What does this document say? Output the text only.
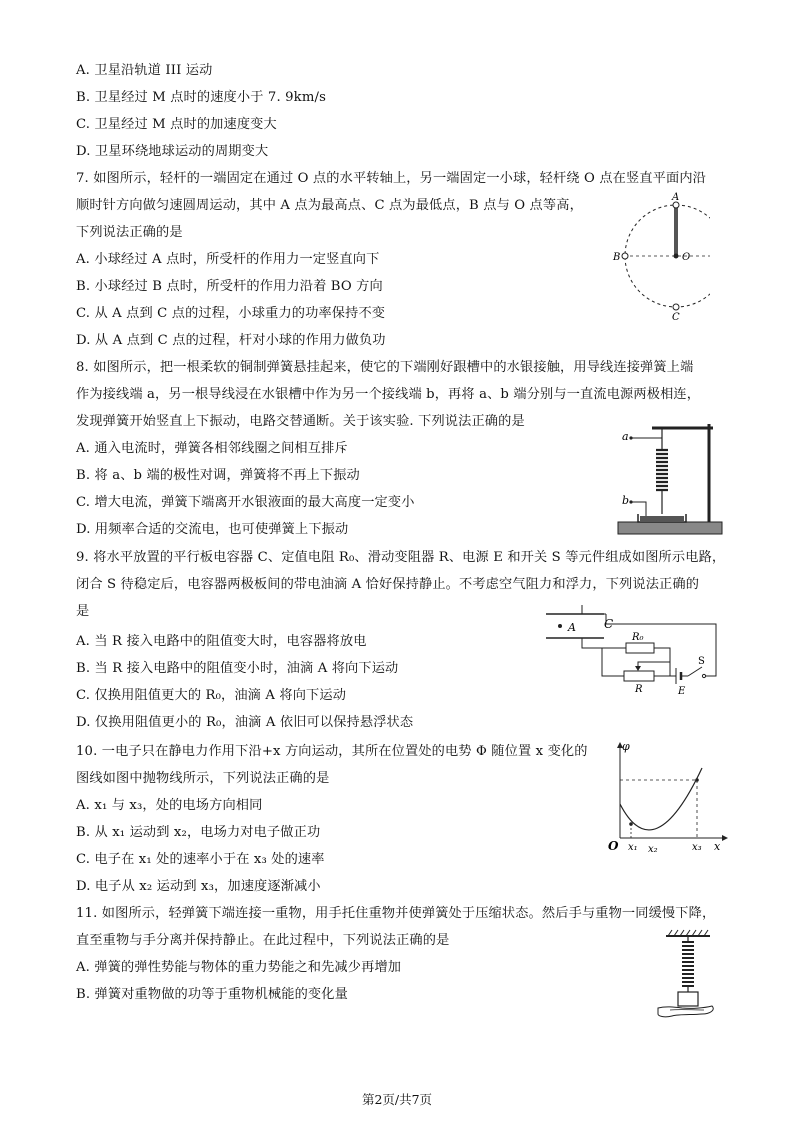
A. 卫星沿轨道 III 运动
B. 卫星经过 M 点时的速度小于 7. 9km/s
C. 卫星经过 M 点时的加速度变大
D. 卫星环绕地球运动的周期变大
7. 如图所示，轻杆的一端固定在通过 O 点的水平转轴上，另一端固定一小球，轻杆绕 O 点在竖直平面内沿
顺时针方向做匀速圆周运动，其中 A 点为最高点、C 点为最低点，B 点与 O 点等高，
下列说法正确的是
A. 小球经过 A 点时，所受杆的作用力一定竖直向下
B. 小球经过 B 点时，所受杆的作用力沿着 BO 方向
C. 从 A 点到 C 点的过程，小球重力的功率保持不变
D. 从 A 点到 C 点的过程，杆对小球的作用力做负功
A
B	O
C
8. 如图所示，把一根柔软的铜制弹簧悬挂起来，使它的下端刚好跟槽中的水银接触，用导线连接弹簧上端
作为接线端 a，另一根导线浸在水银槽中作为另一个接线端 b，再将 a、b 端分别与一直流电源两极相连，
发现弹簧开始竖直上下振动，电路交替通断。关于该实验. 下列说法正确的是
A. 通入电流时，弹簧各相邻线圈之间相互排斥
B. 将 a、b 端的极性对调，弹簧将不再上下振动
C. 增大电流，弹簧下端离开水银液面的最大高度一定变小
D. 用频率合适的交流电，也可使弹簧上下振动
a
b
9. 将水平放置的平行板电容器 C、定值电阻 R₀、滑动变阻器 R、电源 E 和开关 S 等元件组成如图所示电路，
闭合 S 待稳定后，电容器两极板间的带电油滴 A 恰好保持静止。不考虑空气阻力和浮力，下列说法正确的
是
A. 当 R 接入电路中的阻值变大时，电容器将放电
B. 当 R 接入电路中的阻值变小时，油滴 A 将向下运动
C. 仅换用阻值更大的 R₀，油滴 A 将向下运动
D. 仅换用阻值更小的 R₀，油滴 A 依旧可以保持悬浮状态
C
A
R₀
R	E
S
10. 一电子只在静电力作用下沿+x 方向运动，其所在位置处的电势 Φ 随位置 x 变化的
图线如图中抛物线所示，下列说法正确的是
A. x₁ 与 x₃，处的电场方向相同
B. 从 x₁ 运动到 x₂，电场力对电子做正功
C. 电子在 x₁ 处的速率小于在 x₃ 处的速率
D. 电子从 x₂ 运动到 x₃，加速度逐渐减小
φ
O x₁ x₂	x₃ x
11. 如图所示，轻弹簧下端连接一重物，用手托住重物并使弹簧处于压缩状态。然后手与重物一同缓慢下降，
直至重物与手分离并保持静止。在此过程中，下列说法正确的是
A. 弹簧的弹性势能与物体的重力势能之和先减少再增加
B. 弹簧对重物做的功等于重物机械能的变化量
第2页/共7页
